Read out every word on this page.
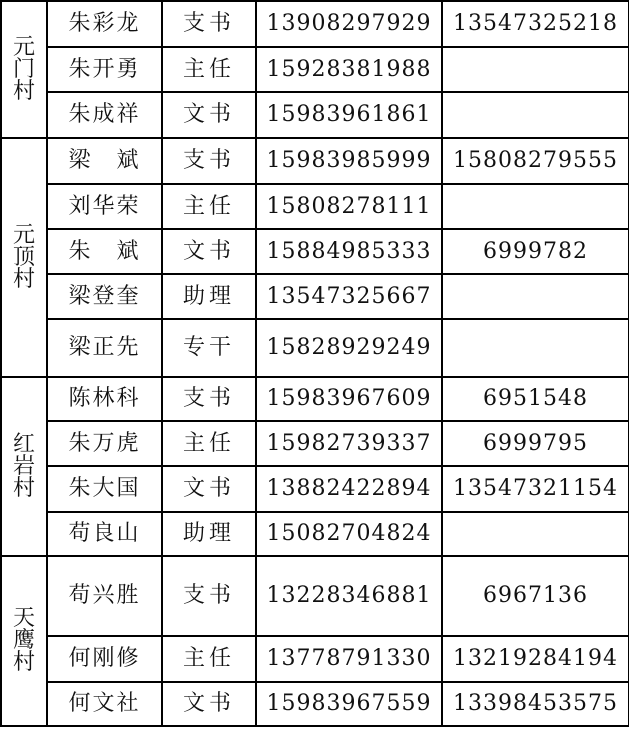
元
门
村	朱彩龙	支书	13908297929	13547325218
	朱开勇	主任	15928381988	
	朱成祥	文书	15983961861	

元
顶
村	梁　斌	支书	15983985999	15808279555
	刘华荣	主任	15808278111	
	朱　斌	文书	15884985333	6999782
	梁登奎	助理	13547325667	
	梁正先	专干	15828929249	

红
岩
村	陈林科	支书	15983967609	6951548
	朱万虎	主任	15982739337	6999795
	朱大国	文书	13882422894	13547321154
	苟良山	助理	15082704824	

天
鹰
村	苟兴胜	支书	13228346881	6967136
	何刚修	主任	13778791330	13219284194
	何文社	文书	15983967559	13398453575
